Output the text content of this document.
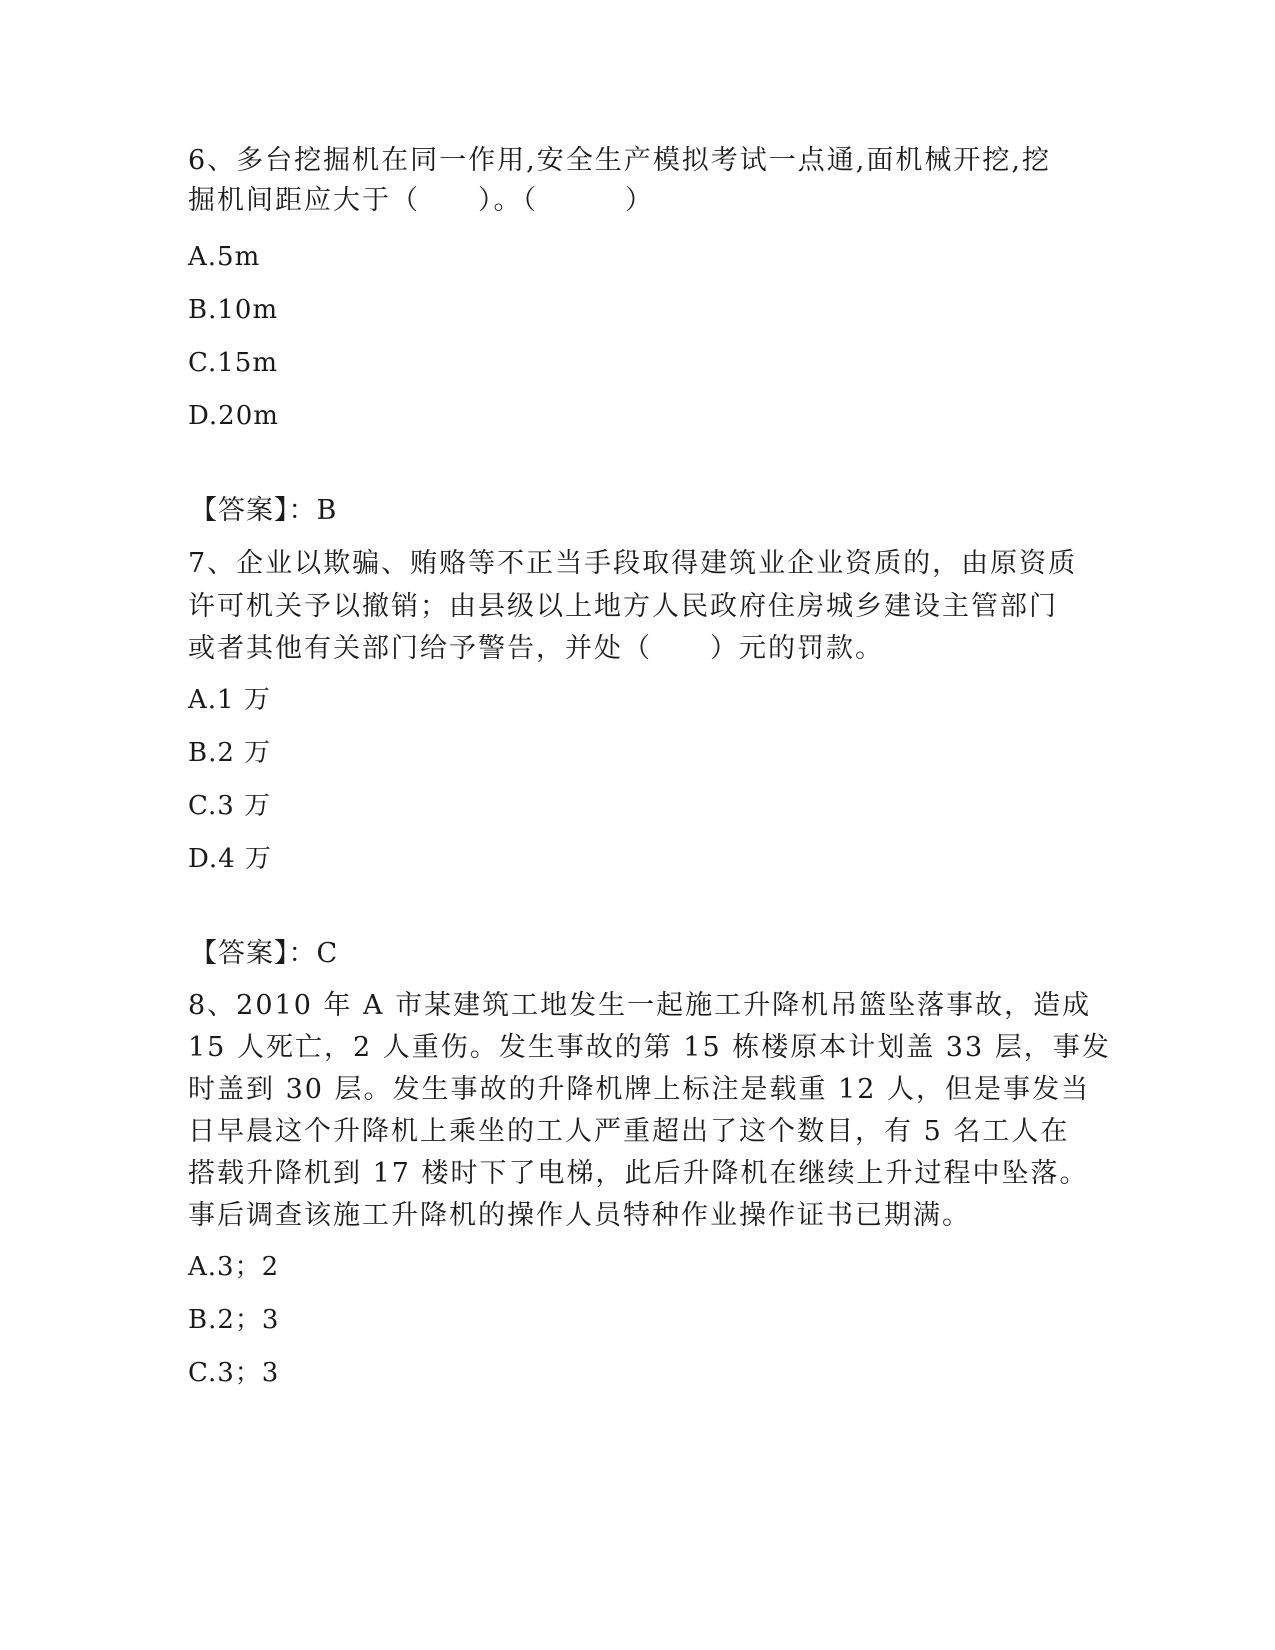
6、多台挖掘机在同一作用,安全生产模拟考试一点通,面机械开挖,挖
掘机间距应大于（　　）。（　　　）
A.5m
B.10m
C.15m
D.20m
【答案】：B
7、企业以欺骗、贿赂等不正当手段取得建筑业企业资质的，由原资质
许可机关予以撤销；由县级以上地方人民政府住房城乡建设主管部门
或者其他有关部门给予警告，并处（　　）元的罚款。
A.1 万
B.2 万
C.3 万
D.4 万
【答案】：C
8、2010 年 A 市某建筑工地发生一起施工升降机吊篮坠落事故，造成
15 人死亡，2 人重伤。发生事故的第 15 栋楼原本计划盖 33 层，事发
时盖到 30 层。发生事故的升降机牌上标注是载重 12 人，但是事发当
日早晨这个升降机上乘坐的工人严重超出了这个数目，有 5 名工人在
搭载升降机到 17 楼时下了电梯，此后升降机在继续上升过程中坠落。
事后调查该施工升降机的操作人员特种作业操作证书已期满。
A.3；2
B.2；3
C.3；3
